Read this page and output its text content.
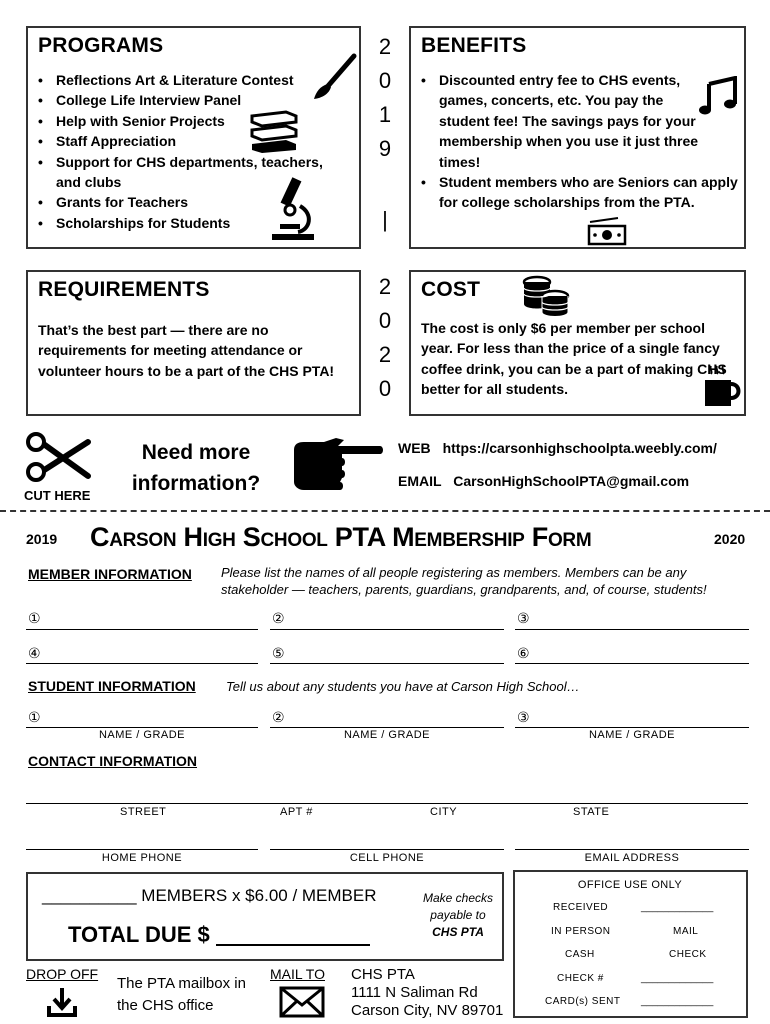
PROGRAMS
• Reflections Art & Literature Contest
• College Life Interview Panel
• Help with Senior Projects
• Staff Appreciation
• Support for CHS departments, teachers, and clubs
• Grants for Teachers
• Scholarships for Students
2
0
1
9
|
2
0
2
0
BENEFITS
• Discounted entry fee to CHS events, games, concerts, etc. You pay the student fee! The savings pays for your membership when you use it just three times!
• Student members who are Seniors can apply for college scholarships from the PTA.
REQUIREMENTS
That’s the best part — there are no requirements for meeting attendance or volunteer hours to be a part of the CHS PTA!
COST
The cost is only $6 per member per school year. For less than the price of a single fancy coffee drink, you can be a part of making CHS better for all students.
CUT HERE
Need more information?
WEB https://carsonhighschoolpta.weebly.com/
EMAIL CarsonHighSchoolPTA@gmail.com
2019 Carson High School PTA Membership Form	2020
MEMBER INFORMATION Please list the names of all people registering as members. Members can be any stakeholder — teachers, parents, guardians, grandparents, and, of course, students!
①	②	③
④	⑤	⑥
STUDENT INFORMATION Tell us about any students you have at Carson High School…
①
NAME / GRADE
②
NAME / GRADE
③
NAME / GRADE
CONTACT INFORMATION
STREET	APT #	CITY	STATE
HOME PHONE	CELL PHONE	EMAIL ADDRESS
__________ MEMBERS x $6.00 / MEMBER	Make checks payable to
CHS PTA
TOTAL DUE $
OFFICE USE ONLY
RECEIVED	_____________
IN PERSON	MAIL
CASH	CHECK
CHECK #	_____________
CARD(s) SENT _____________
DROP OFF
The PTA mailbox in the CHS office
MAIL TO CHS PTA
1111 N Saliman Rd
Carson City, NV 89701
